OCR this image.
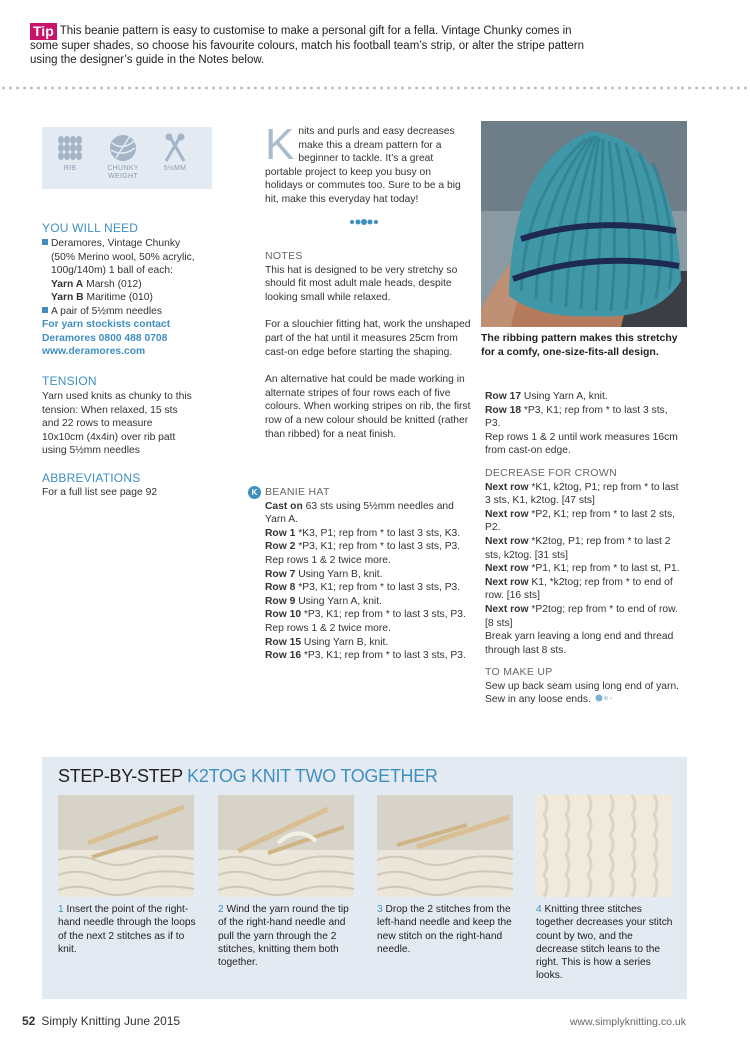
Tip This beanie pattern is easy to customise to make a personal gift for a fella. Vintage Chunky comes in some super shades, so choose his favourite colours, match his football team’s strip, or alter the stripe pattern using the designer’s guide in the Notes below.
RIB	CHUNKY
WEIGHT
5½MM
YOU WILL NEED
Deramores, Vintage Chunky
(50% Merino wool, 50% acrylic, 100g/140m) 1 ball of each:
Yarn A Marsh (012)
Yarn B Maritime (010)
A pair of 5½mm needles
For yarn stockists contact
Deramores 0800 488 0708
www.deramores.com
TENSION
Yarn used knits as chunky to this tension: When relaxed, 15 sts and 22 rows to measure 10x10cm (4x4in) over rib patt using 5½mm needles
ABBREVIATIONS
For a full list see page 92
Knits and purls and easy decreases make this a dream pattern for a beginner to tackle. It’s a great portable project to keep you busy on holidays or commutes too. Sure to be a big hit, make this everyday hat today!
NOTES
This hat is designed to be very stretchy so should fit most adult male heads, despite looking small while relaxed.
For a slouchier fitting hat, work the unshaped part of the hat until it measures 25cm from cast-on edge before starting the shaping.
An alternative hat could be made working in alternate stripes of four rows each of five colours. When working stripes on rib, the first row of a new colour should be knitted (rather than ribbed) for a neat finish.
K BEANIE HAT
Cast on 63 sts using 5½mm needles and Yarn A.
Row 1 *K3, P1; rep from * to last 3 sts, K3.
Row 2 *P3, K1; rep from * to last 3 sts, P3.
Rep rows 1 & 2 twice more.
Row 7 Using Yarn B, knit.
Row 8 *P3, K1; rep from * to last 3 sts, P3.
Row 9 Using Yarn A, knit.
Row 10 *P3, K1; rep from * to last 3 sts, P3.
Rep rows 1 & 2 twice more.
Row 15 Using Yarn B, knit.
Row 16 *P3, K1; rep from * to last 3 sts, P3.
The ribbing pattern makes this stretchy for a comfy, one-size-fits-all design.
Row 17 Using Yarn A, knit.
Row 18 *P3, K1; rep from * to last 3 sts, P3.
Rep rows 1 & 2 until work measures 16cm from cast-on edge.
DECREASE FOR CROWN
Next row *K1, k2tog, P1; rep from * to last 3 sts, K1, k2tog. [47 sts]
Next row *P2, K1; rep from * to last 2 sts, P2.
Next row *K2tog, P1; rep from * to last 2 sts, k2tog. [31 sts]
Next row *P1, K1; rep from * to last st, P1.
Next row K1, *k2tog; rep from * to end of row. [16 sts]
Next row *P2tog; rep from * to end of row. [8 sts]
Break yarn leaving a long end and thread through last 8 sts.
TO MAKE UP
Sew up back seam using long end of yarn. Sew in any loose ends.
STEP-BY-STEP K2TOG KNIT TWO TOGETHER
1 Insert the point of the right-hand needle through the loops of the next 2 stitches as if to knit.
2 Wind the yarn round the tip of the right-hand needle and pull the yarn through the 2 stitches, knitting them both together.
3 Drop the 2 stitches from the left-hand needle and keep the new stitch on the right-hand needle.
4 Knitting three stitches together decreases your stitch count by two, and the decrease stitch leans to the right. This is how a series looks.
52 Simply Knitting June 2015	www.simplyknitting.co.uk
